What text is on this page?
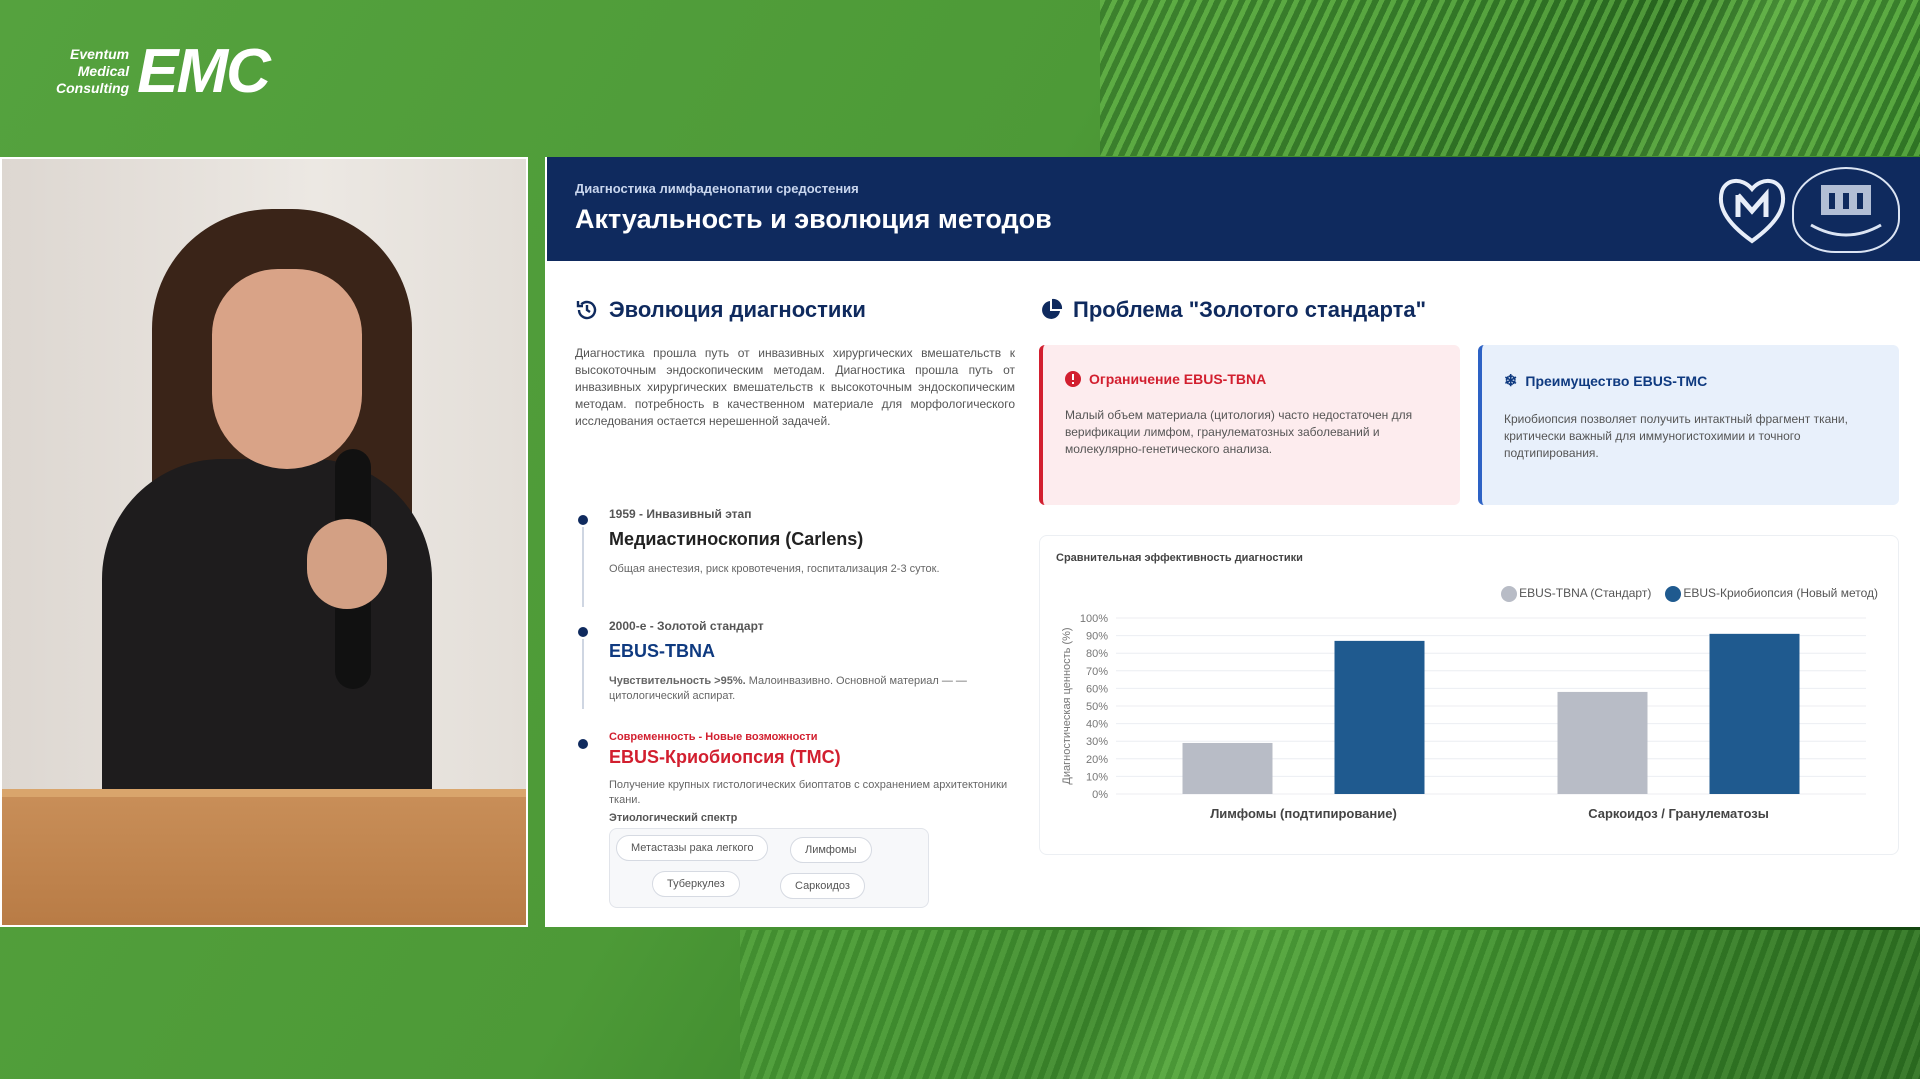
Eventum
Medical
Consulting EMC
Диагностика лимфаденопатии средостения
Актуальность и эволюция методов
Эволюция диагностики
Диагностика прошла путь от инвазивных хирургических вмешательств к высокоточным эндоскопическим методам. Диагностика прошла путь от инвазивных хирургических вмешательств к высокоточным эндоскопическим методам. потребность в качественном материале для морфологического исследования остается нерешенной задачей.
1959 - Инвазивный этап
Медиастиноскопия (Carlens)
Общая анестезия, риск кровотечения, госпитализация 2-3 суток.
2000-е - Золотой стандарт
EBUS-TBNA
Чувствительность >95%. Малоинвазивно. Основной материал — — цитологический аспират.
Современность - Новые возможности
EBUS-Криобиопсия (ТМС)
Получение крупных гистологических биоптатов с сохранением архитектоники ткани.
Этиологический спектр
Метастазы рака легкого	Лимфомы
Туберкулез	Саркоидоз
Проблема "Золотого стандарта"
Ограничение EBUS-TBNA
Малый объем материала (цитология) часто недостаточен для верификации лимфом, гранулематозных заболеваний и молекулярно-генетического анализа.
❄ Преимущество EBUS-ТМС
Криобиопсия позволяет получить интактный фрагмент ткани, критически важный для иммуногистохимии и точного подтипирования.
Сравнительная эффективность диагностики
EBUS-TBNA (Стандарт)	EBUS-Криобиопсия (Новый метод)
Диагностическая ценность (%)
0%
10%
20%
30%
40%
50%
60%
70%
80%
90%
100%
Лимфомы (подтипирование)	Саркоидоз / Гранулематозы
